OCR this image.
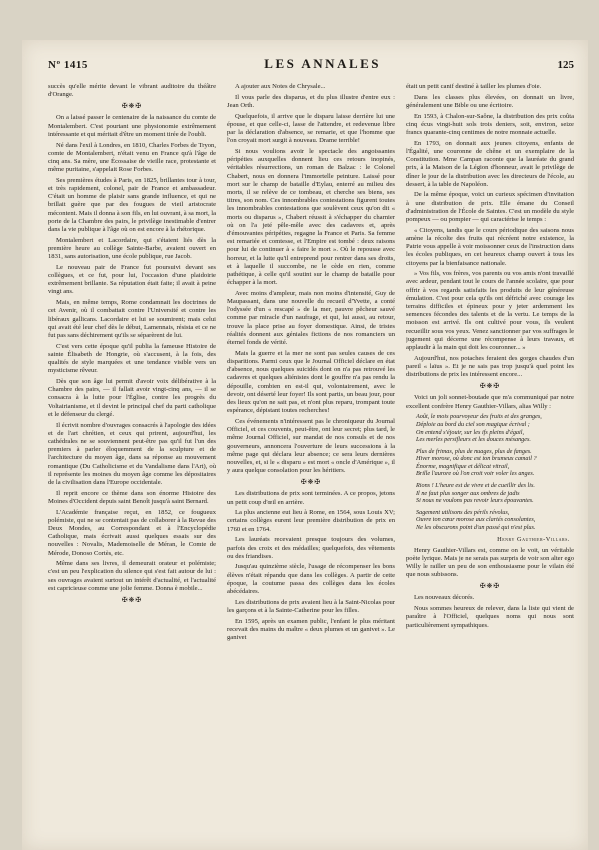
Nº 1415	LES ANNALES	125

succès qu'elle mérite devant le vibrant auditoire du théâtre d'Orange.

✠❋✠

On a laissé passer le centenaire de la naissance du comte de Montalembert. C'est pourtant une physionomie extrêmement intéressante et qui méritait d'être un moment tirée de l'oubli.

Né dans l'exil à Londres, en 1810, Charles Forbes de Tryon, comte de Montalembert, n'était venu en France qu'à l'âge de cinq ans. Sa mère, une Écossaise de vieille race, protestante et même puritaine, s'appelait Rose Forbes.

Ses premières études à Paris, en 1825, brillantes tour à tour, et très rapidement, colonel, pair de France et ambassadeur. C'était un homme de plaisir sans grande influence, et qui ne brillait guère que par des fougues de vieil aristocrate mécontent. Mais il donna à son fils, en lui ouvrant, à sa mort, la porte de la Chambre des pairs, le privilège inestimable d'entrer dans la vie publique à l'âge où on est encore à la rhétorique.

Montalembert et Lacordaire, qui s'étaient liés dès la première heure au collège Sainte-Barbe, avaient ouvert en 1831, sans autorisation, une école publique, rue Jacob.

Le nouveau pair de France fut poursuivi devant ses collègues, et ce fut, pour lui, l'occasion d'une plaidoirie extrêmement brillante. Sa réputation était faite; il avait à peine vingt ans.

Mais, en même temps, Rome condamnait les doctrines de cet Avenir, où il combattait contre l'Université et contre les libéraux gallicans. Lacordaire et lui se soumirent; mais celui qui avait été leur chef dès le début, Lamennais, résista et ce ne fut pas sans déchirement qu'ils se séparèrent de lui.

C'est vers cette époque qu'il publia la fameuse Histoire de sainte Élisabeth de Hongrie, où s'accusent, à la fois, des qualités de style marquées et une tendance visible vers un mysticisme rêveur.

Dès que son âge lui permit d'avoir voix délibérative à la Chambre des pairs, — il fallait avoir vingt-cinq ans, — il se consacra à la lutte pour l'Église, contre les progrès du Voltairianisme, et il devint le principal chef du parti catholique et le défenseur du clergé.

Il écrivit nombre d'ouvrages consacrés à l'apologie des idées et de l'art chrétien, et ceux qui prirent, aujourd'hui, les cathédrales ne se souviennent peut-être pas qu'il fut l'un des premiers à parler éloquemment de la sculpture et de l'architecture du moyen âge, dans sa réponse au mouvement romantique (Du Catholicisme et du Vandalisme dans l'Art), où il représente les moines du moyen âge comme les dépositaires de la civilisation dans l'Europe occidentale.

Il reprit encore ce thème dans son énorme Histoire des Moines d'Occident depuis saint Benoît jusqu'à saint Bernard.

L'Académie française reçut, en 1852, ce fougueux polémiste, qui ne se contentait pas de collaborer à la Revue des Deux Mondes, au Correspondant et à l'Encyclopédie Catholique, mais écrivait aussi quelques essais sur des nouvelles : Novalis, Mademoiselle de Méran, le Comte de Mérode, Donoso Cortès, etc.

Même dans ses livres, il demeurait orateur et polémiste; c'est un peu l'explication du silence qui s'est fait autour de lui : ses ouvrages avaient surtout un intérêt d'actualité, et l'actualité est capricieuse comme une jolie femme. Donna è mobile...

✠❋✠

A ajouter aux Notes de Chrysale...

Il vous parle des disparus, et du plus illustre d'entre eux : Jean Orth.

Quelquefois, il arrive que le disparu laisse derrière lui une épouse, et que celle-ci, lasse de l'attendre, et redevenue libre par la déclaration d'absence, se remarie, et que l'homme que l'on croyait mort surgit à nouveau. Drame terrible!

Si nous voulions avoir le spectacle des angoissantes péripéties auxquelles donnent lieu ces retours inopinés, véritables résurrections, un roman de Balzac : le Colonel Chabert, nous en donnera l'immortelle peinture. Laissé pour mort sur le champ de bataille d'Eylau, enterré au milieu des morts, il se relève de ce tombeau, et cherche ses biens, ses titres, son nom. Ces innombrables contestations figurent toutes les innombrables contestations que soulèvent ceux qu'on dit « morts ou disparus », Chabert réussit à s'échapper du charnier où on l'a jeté pêle-mêle avec des cadavres et, après d'émouvantes péripéties, regagne la France et Paris. Sa femme est remariée et comtesse, et l'Empire est tombé : deux raisons pour lui de continuer à « faire le mort ». Où le repousse avec horreur, et la lutte qu'il entreprend pour rentrer dans ses droits, et à laquelle il succombe, ne le cède en rien, comme pathétique, à celle qu'il soutint sur le champ de bataille pour échapper à la mort.

Avec moins d'ampleur, mais non moins d'intensité, Guy de Maupassant, dans une nouvelle du recueil d'Yvette, a conté l'odyssée d'un « rescapé » de la mer, pauvre pêcheur sauvé comme par miracle d'un naufrage, et qui, lui aussi, au retour, trouve la place prise au foyer domestique. Ainsi, de tristes réalités donnent aux géniales fictions de nos romanciers un éternel fonds de vérité.

Mais la guerre et la mer ne sont pas seules causes de ces disparitions. Parmi ceux que le Journal Officiel déclare en état d'absence, nous quelques suicidés dont on n'a pas retrouvé les cadavres et quelques aliénistes dont le gouffre n'a pas rendu la dépouille, combien en est-il qui, volontairement, avec le devoir, ont déserté leur foyer! Ils sont partis, un beau jour, pour des lieux qu'on ne sait pas, et n'ont plus reparu, trompant toute espérance, dépistant toutes recherches!

Ces événements n'intéressent pas le chroniqueur du Journal Officiel, et ces couvents, peut-être, ont leur secret; plus tard, le même Journal Officiel, sur mandat de nos consuls et de nos gouverneurs, annoncera l'ouverture de leurs successions à la même page qui déclara leur absence; ce sera leurs dernières nouvelles, et, si le « disparu » est mort « oncle d'Amérique », il y aura quelque consolation pour les héritiers.

✠❋✠

Les distributions de prix sont terminées. A ce propos, jetons un petit coup d'œil en arrière.

La plus ancienne eut lieu à Rome, en 1564, sous Louis XV; certains collèges eurent leur première distribution de prix en 1760 et en 1764.

Les lauréats recevaient presque toujours des volumes, parfois des croix et des médailles; quelquefois, des vêtements ou des friandises.

Jusqu'au quinzième siècle, l'usage de récompenser les bons élèves n'était répandu que dans les collèges. A partir de cette époque, la coutume passa des collèges dans les écoles abécédaires.

Les distributions de prix avaient lieu à la Saint-Nicolas pour les garçons et à la Sainte-Catherine pour les filles.

En 1595, après un examen public, l'enfant le plus méritant recevait des mains du maître « deux plumes et un ganivet ». Le ganivet

était un petit canif destiné à tailler les plumes d'oie.

Dans les classes plus élevées, on donnait un livre, généralement une Bible ou une écritoire.

En 1593, à Chalon-sur-Saône, la distribution des prix coûta cinq écus vingt-huit sols trois deniers, soit, environ, seize francs quarante-cinq centimes de notre monnaie actuelle.

En 1793, on donnait aux jeunes citoyens, enfants de l'Égalité, une couronne de chêne et un exemplaire de la Constitution. Mme Campan raconte que la lauréate du grand prix, à la Maison de la Légion d'honneur, avait le privilège de dîner le jour de la distribution avec les directeurs de l'école, au dessert, à la table de Napoléon.

De la même époque, voici un curieux spécimen d'invitation à une distribution de prix. Elle émane du Conseil d'administration de l'École de Saintes. C'est un modèle du style pompeux — ou pompier — qui caractérise le temps :

« Citoyens, tandis que le cours périodique des saisons nous amène la récolte des fruits qui récréent notre existence, la Patrie vous appelle à voir moissonner ceux de l'instruction dans les écoles publiques, en cet heureux champ ouvert à tous les citoyens par la bienfaisance nationale.

» Vos fils, vos frères, vos parents ou vos amis n'ont travaillé avec ardeur, pendant tout le cours de l'année scolaire, que pour offrir à vos regards satisfaits les produits de leur généreuse émulation. C'est pour cela qu'ils ont défriché avec courage les terrains difficiles et épineux pour y jeter ardemment les semences fécondes des talents et de la vertu. Le temps de la moisson est arrivé. Ils ont cultivé pour vous, ils veulent recueillir sous vos yeux. Venez sanctionner par vos suffrages le jugement qui décerne une récompense à leurs travaux, et applaudir à la main qui doit les couronner... »

Aujourd'hui, nos potaches feraient des gorges chaudes d'un pareil « laïus ». Et je ne sais pas trop jusqu'à quel point les distributions de prix les intéressent encore...

✠❋✠

Voici un joli sonnet-boutade que m'a communiqué par notre excellent confrère Henry Gauthier-Villars, alias Willy :

Août, le mois pourvoyeur des fruits et des granges,
Déploie au bord du ciel son magique écrival ;
On entend s'éjouir, sur les ifs pleins d'égail,
Les merles persifleurs et les douces mésanges.
Plus de frimas, plus de nuages, plus de fanges.
Hiver morose, où donc est ton brumeux camail ?
Énorme, magnifique et délicat vitrail,
Brille l'aurore où l'on croit voir voler les anges.
Rions ! L'heure est de vivre et de cueillir des lis.
Il ne faut plus songer aux ombres de jadis
Si nous ne voulons pas revoir leurs épouvantes.
Sagement utilisons des périls révolus,
Ouvre ton cœur morose aux clartés consolantes,
Ne les obscurons point d'un passé qui n'est plus.
Henry Gauthier-Villars.

Henry Gauthier-Villars est, comme on le voit, un véritable poète lyrique. Mais je ne serais pas surpris de voir son alter ego Willy le railler un peu de son enthousiasme pour le vilain été que nous subissons.

✠❋✠

Les nouveaux décorés.

Nous sommes heureux de relever, dans la liste qui vient de paraître à l'Officiel, quelques noms qui nous sont particulièrement sympathiques.
